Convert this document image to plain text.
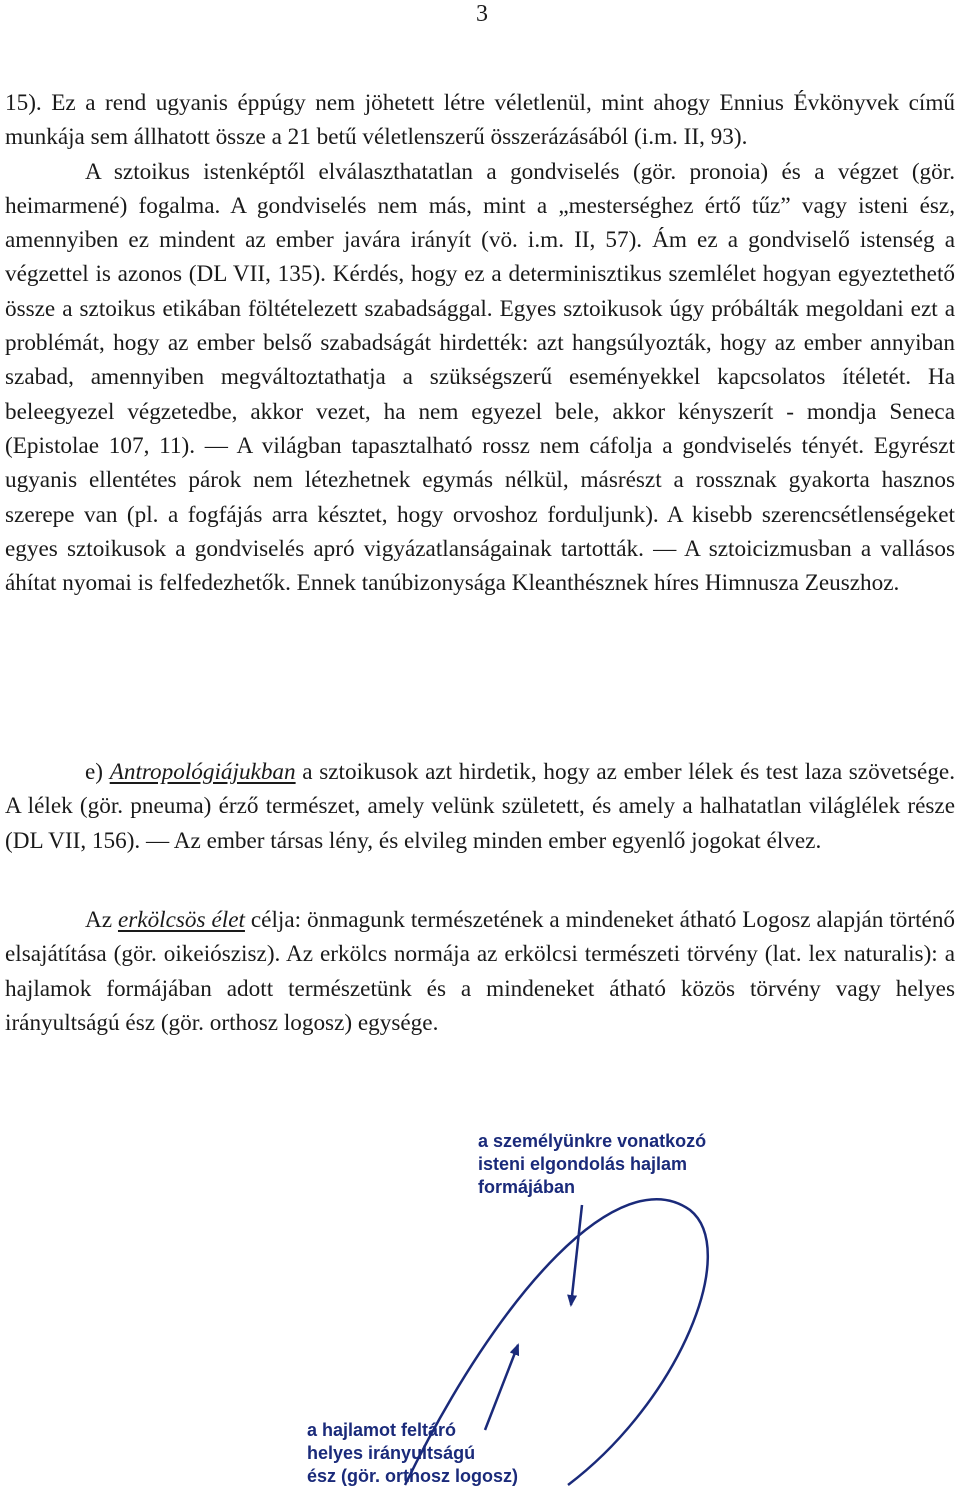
3

15). Ez a rend ugyanis éppúgy nem jöhetett létre véletlenül, mint ahogy Ennius Évkönyvek című munkája sem állhatott össze a 21 betű véletlenszerű összerázásából (i.m. II, 93).

A sztoikus istenképtől elválaszthatatlan a gondviselés (gör. pronoia) és a végzet (gör. heimarmené) fogalma. A gondviselés nem más, mint a „mesterséghez értő tűz” vagy isteni ész, amennyiben ez mindent az ember javára irányít (vö. i.m. II, 57). Ám ez a gondviselő istenség a végzettel is azonos (DL VII, 135). Kérdés, hogy ez a determinisztikus szemlélet hogyan egyeztethető össze a sztoikus etikában föltételezett szabadsággal. Egyes sztoikusok úgy próbálták megoldani ezt a problémát, hogy az ember belső szabadságát hirdették: azt hangsúlyozták, hogy az ember annyiban szabad, amennyiben megváltoztathatja a szükségszerű eseményekkel kapcsolatos ítéletét. Ha beleegyezel végzetedbe, akkor vezet, ha nem egyezel bele, akkor kényszerít - mondja Seneca (Epistolae 107, 11). ― A világban tapasztalható rossz nem cáfolja a gondviselés tényét. Egyrészt ugyanis ellentétes párok nem létezhetnek egymás nélkül, másrészt a rossznak gyakorta hasznos szerepe van (pl. a fogfájás arra késztet, hogy orvoshoz forduljunk). A kisebb szerencsétlenségeket egyes sztoikusok a gondviselés apró vigyázatlanságainak tartották. ― A sztoicizmusban a vallásos áhítat nyomai is felfedezhetők. Ennek tanúbizonysága Kleanthésznek híres Himnusza Zeuszhoz.

e) Antropológiájukban a sztoikusok azt hirdetik, hogy az ember lélek és test laza szövetsége. A lélek (gör. pneuma) érző természet, amely velünk született, és amely a halhatatlan világlélek része (DL VII, 156). ― Az ember társas lény, és elvileg minden ember egyenlő jogokat élvez.

Az erkölcsös élet célja: önmagunk természetének a mindeneket átható Logosz alapján történő elsajátítása (gör. oikeiószisz). Az erkölcs normája az erkölcsi természeti törvény (lat. lex naturalis): a hajlamok formájában adott természetünk és a mindeneket átható közös törvény vagy helyes irányultságú ész (gör. orthosz logosz) egysége.

a személyünkre vonatkozó
isteni elgondolás hajlam
formájában
a hajlamot feltáró
helyes irányultságú
ész (gör. orthosz logosz)
